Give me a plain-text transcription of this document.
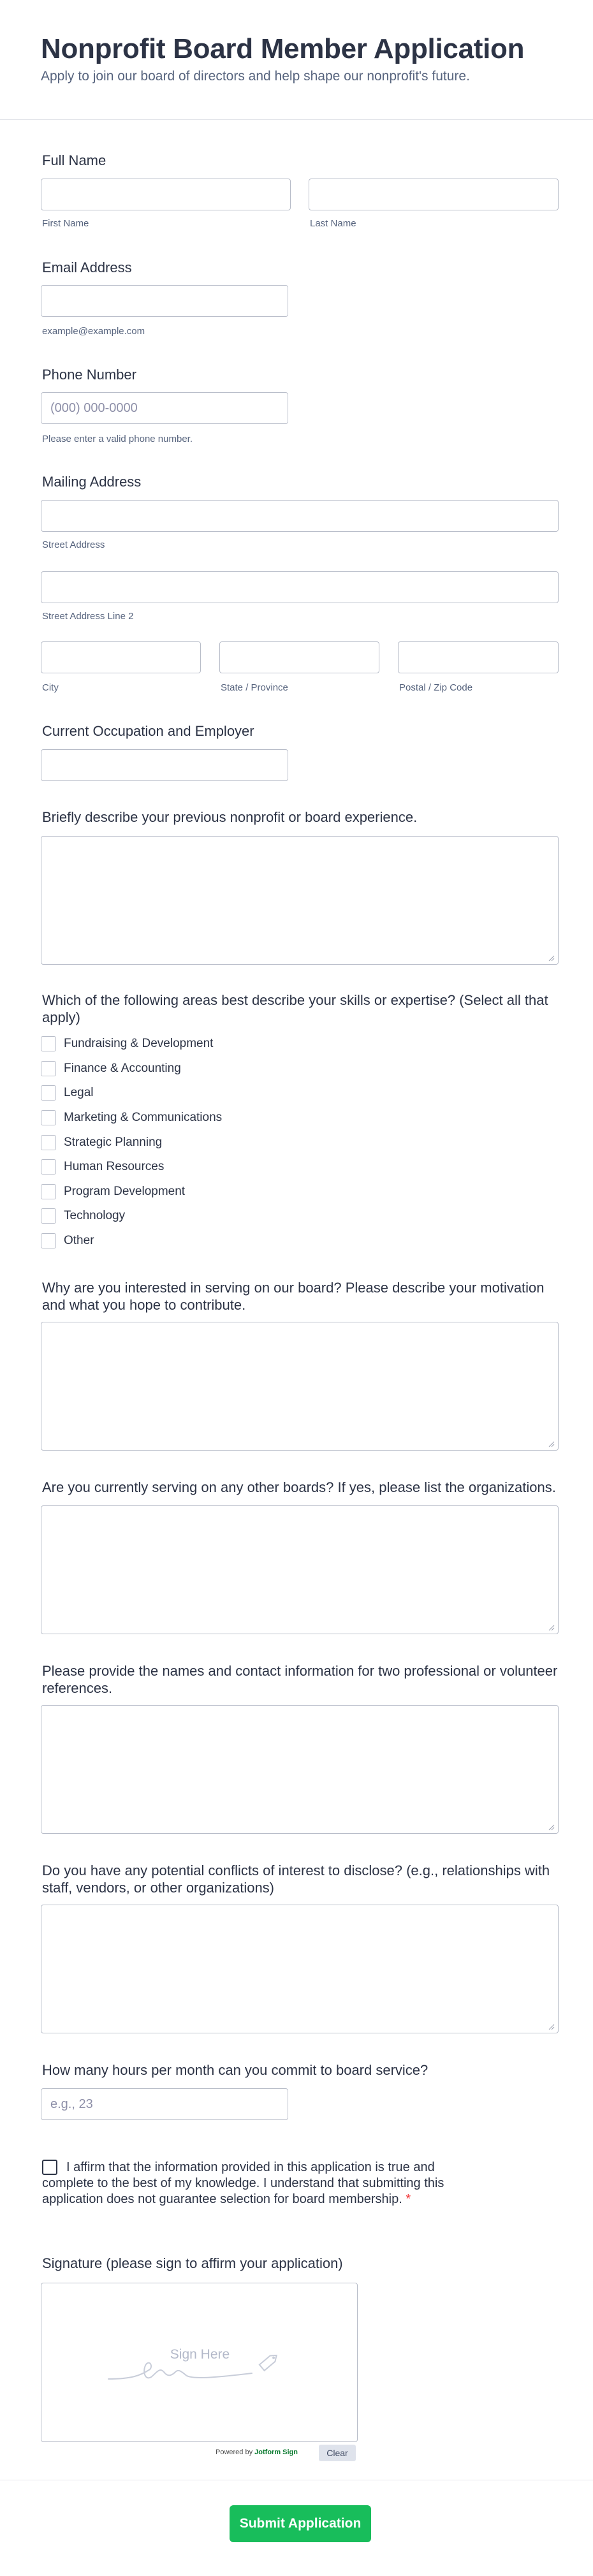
Nonprofit Board Member Application
Apply to join our board of directors and help shape our nonprofit's future.
Full Name
First Name	Last Name
Email Address
example@example.com
Phone Number
(000) 000-0000
Please enter a valid phone number.
Mailing Address
Street Address
Street Address Line 2
City	State / Province	Postal / Zip Code
Current Occupation and Employer
Briefly describe your previous nonprofit or board experience.
Which of the following areas best describe your skills or expertise? (Select all that apply)
Fundraising & Development
Finance & Accounting
Legal
Marketing & Communications
Strategic Planning
Human Resources
Program Development
Technology
Other
Why are you interested in serving on our board? Please describe your motivation and what you hope to contribute.
Are you currently serving on any other boards? If yes, please list the organizations.
Please provide the names and contact information for two professional or volunteer references.
Do you have any potential conflicts of interest to disclose? (e.g., relationships with staff, vendors, or other organizations)
How many hours per month can you commit to board service?
e.g., 23
I affirm that the information provided in this application is true and complete to the best of my knowledge. I understand that submitting this application does not guarantee selection for board membership. *
Signature (please sign to affirm your application)
Sign Here
Powered by Jotform Sign	Clear
Submit Application
